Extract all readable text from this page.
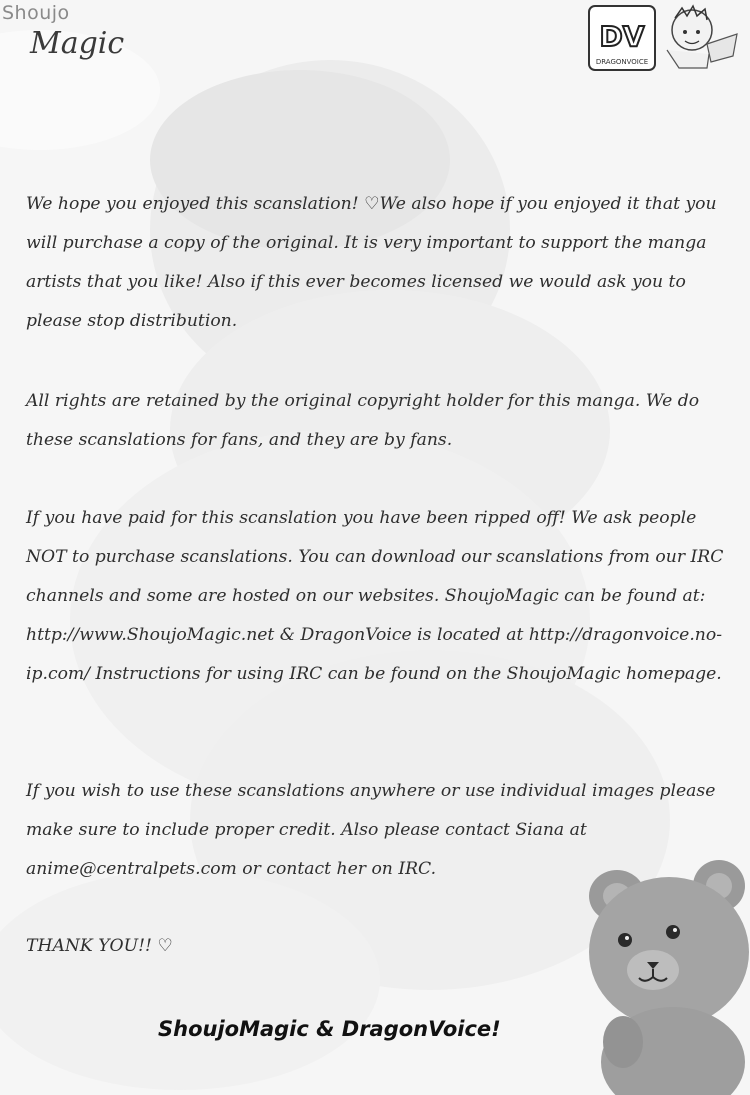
Shoujo
Magic	DV
DRAGONVOICE

We hope you enjoyed this scanslation! ♡We also hope if you enjoyed it that you will purchase a copy of the original. It is very important to support the manga artists that you like! Also if this ever becomes licensed we would ask you to please stop distribution.

All rights are retained by the original copyright holder for this manga. We do these scanslations for fans, and they are by fans.

If you have paid for this scanslation you have been ripped off! We ask people NOT to purchase scanslations. You can download our scanslations from our IRC channels and some are hosted on our websites. ShoujoMagic can be found at: http://www.ShoujoMagic.net & DragonVoice is located at http://dragonvoice.no-ip.com/ Instructions for using IRC can be found on the ShoujoMagic homepage.

If you wish to use these scanslations anywhere or use individual images please make sure to include proper credit. Also please contact Siana at anime@centralpets.com or contact her on IRC.

THANK YOU!! ♡

ShoujoMagic & DragonVoice!
